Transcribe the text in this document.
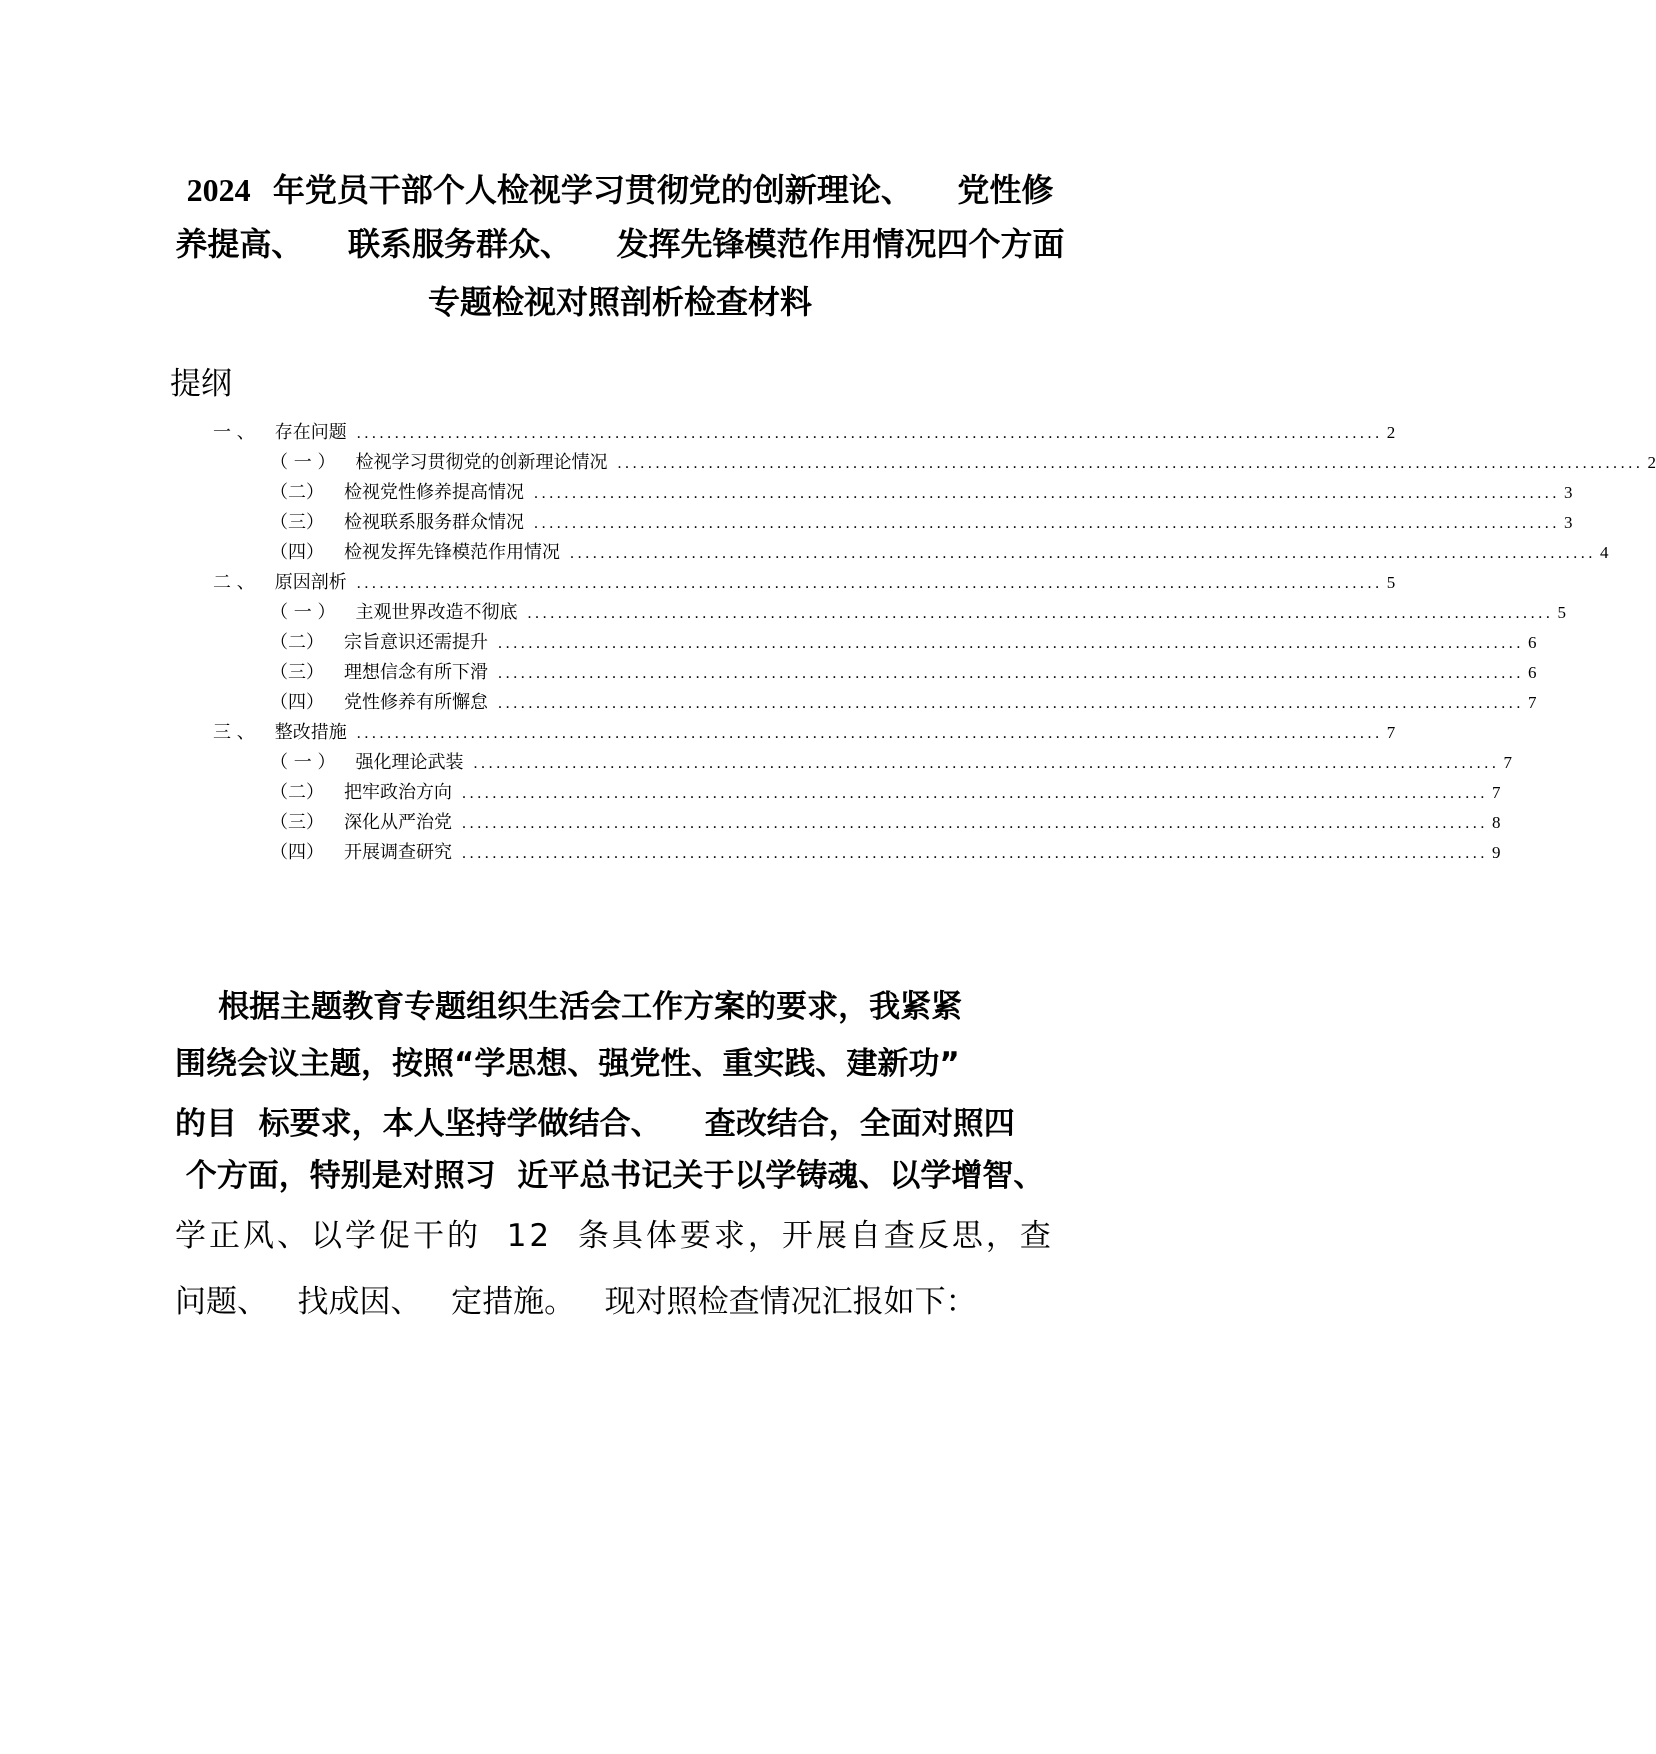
2024  年党员干部个人检视学习贯彻党的创新理论、    党性修
养提高、    联系服务群众、    发挥先锋模范作用情况四个方面
专题检视对照剖析检查材料
提纲
一 、 存在问题 ....................................................................................................................................... 2
（ 一 ） 检视学习贯彻党的创新理论情况 ....................................................................................................................................... 2
（二） 检视党性修养提高情况 ....................................................................................................................................... 3
（三） 检视联系服务群众情况 ....................................................................................................................................... 3
（四） 检视发挥先锋模范作用情况 ....................................................................................................................................... 4
二 、 原因剖析 ....................................................................................................................................... 5
（ 一 ） 主观世界改造不彻底 ....................................................................................................................................... 5
（二） 宗旨意识还需提升 ....................................................................................................................................... 6
（三） 理想信念有所下滑 ....................................................................................................................................... 6
（四） 党性修养有所懈怠 ....................................................................................................................................... 7
三 、 整改措施 ....................................................................................................................................... 7
（ 一 ） 强化理论武装 ....................................................................................................................................... 7
（二） 把牢政治方向 ....................................................................................................................................... 7
（三） 深化从严治党 ....................................................................................................................................... 8
（四） 开展调查研究 ....................................................................................................................................... 9
根据主题教育专题组织生活会工作方案的要求，我紧紧
围绕会议主题，按照“学思想、强党性、重实践、建新功”
的目  标要求，本人坚持学做结合、    查改结合，全面对照四
个方面，特别是对照习  近平总书记关于以学铸魂、以学增智、
学正风、以学促干的  12  条具体要求，开展自查反思，查
问题、   找成因、   定措施。   现对照检查情况汇报如下：
